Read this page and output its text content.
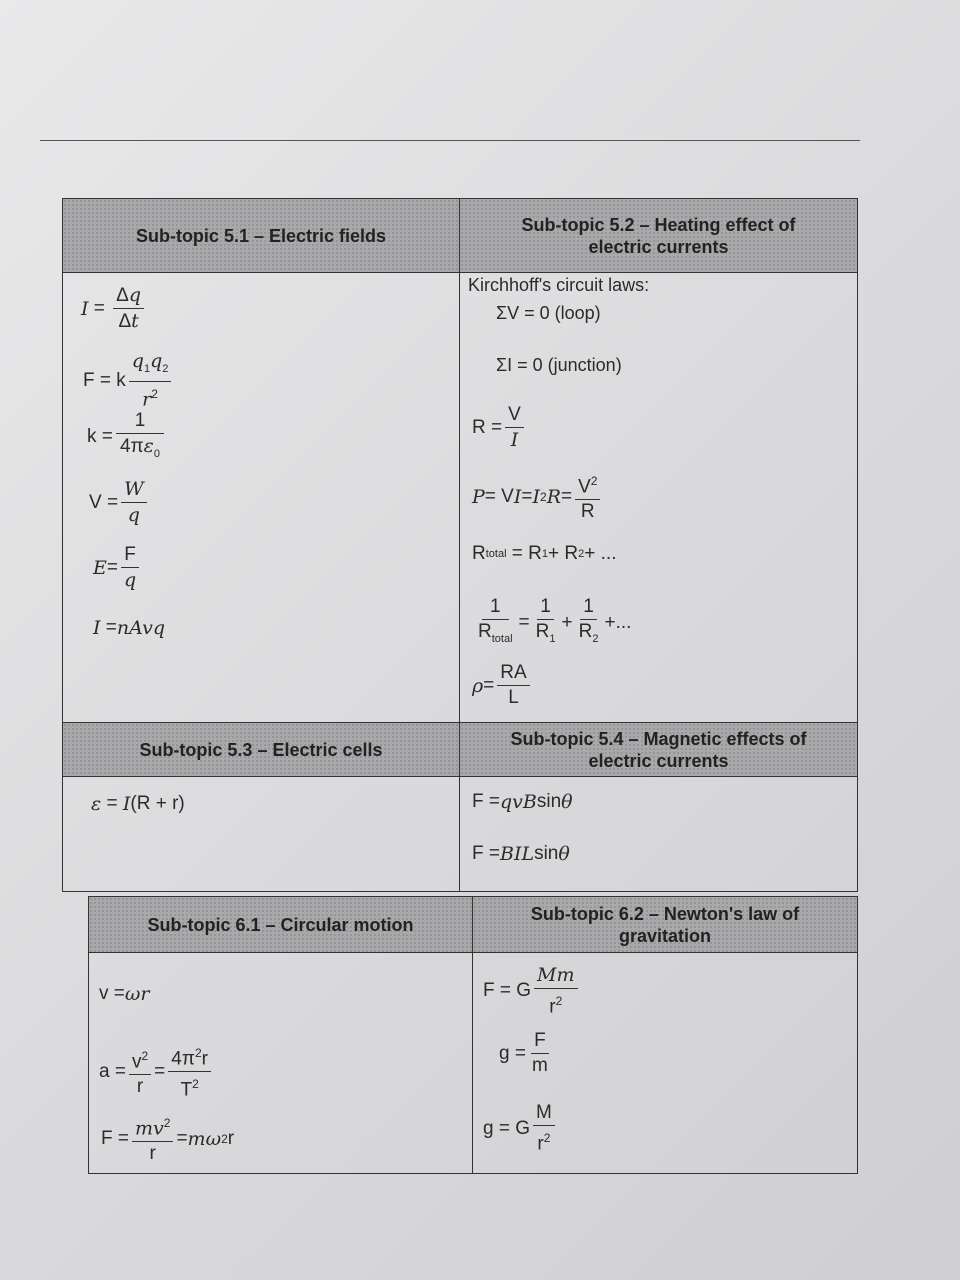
Sub-topic 5.1 – Electric fields
Sub-topic 5.2 – Heating effect of electric currents
$I = \frac{\Delta q}{\Delta t}$
F = k $\frac{q_1q_2}{r^2}$
$k = \frac{1}{4\pi\varepsilon_0}$
$V = \frac{W}{q}$
$E = \frac{F}{q}$
I = nAvq
Kirchhoff's circuit laws:
ΣV = 0 (loop)
ΣI = 0 (junction)
$R = \frac{V}{I}$
P = V I = I 2 $R = \frac{V^2}{R}$
R total = R 1 + R 2 + ...
$\frac{1}{R_{total}} = \frac{1}{R_1} + \frac{1}{R_2}$ +...
$\rho = \frac{RA}{L}$
Sub-topic 5.3 – Electric cells
Sub-topic 5.4 – Magnetic effects of electric currents
ε = I (R + r)	F = qvB sin θ
F = BIL sin θ
Sub-topic 6.1 – Circular motion
Sub-topic 6.2 – Newton's law of gravitation
v = ωr
$a = \frac{v^2}{r} = \frac{4\pi^2r}{T^2}$
$F = \frac{mv^2}{r} = m\omega$ 2 r
F = G $\frac{Mm}{r^2}$
$g = \frac{F}{m}$
g = G $\frac{M}{r^2}$
